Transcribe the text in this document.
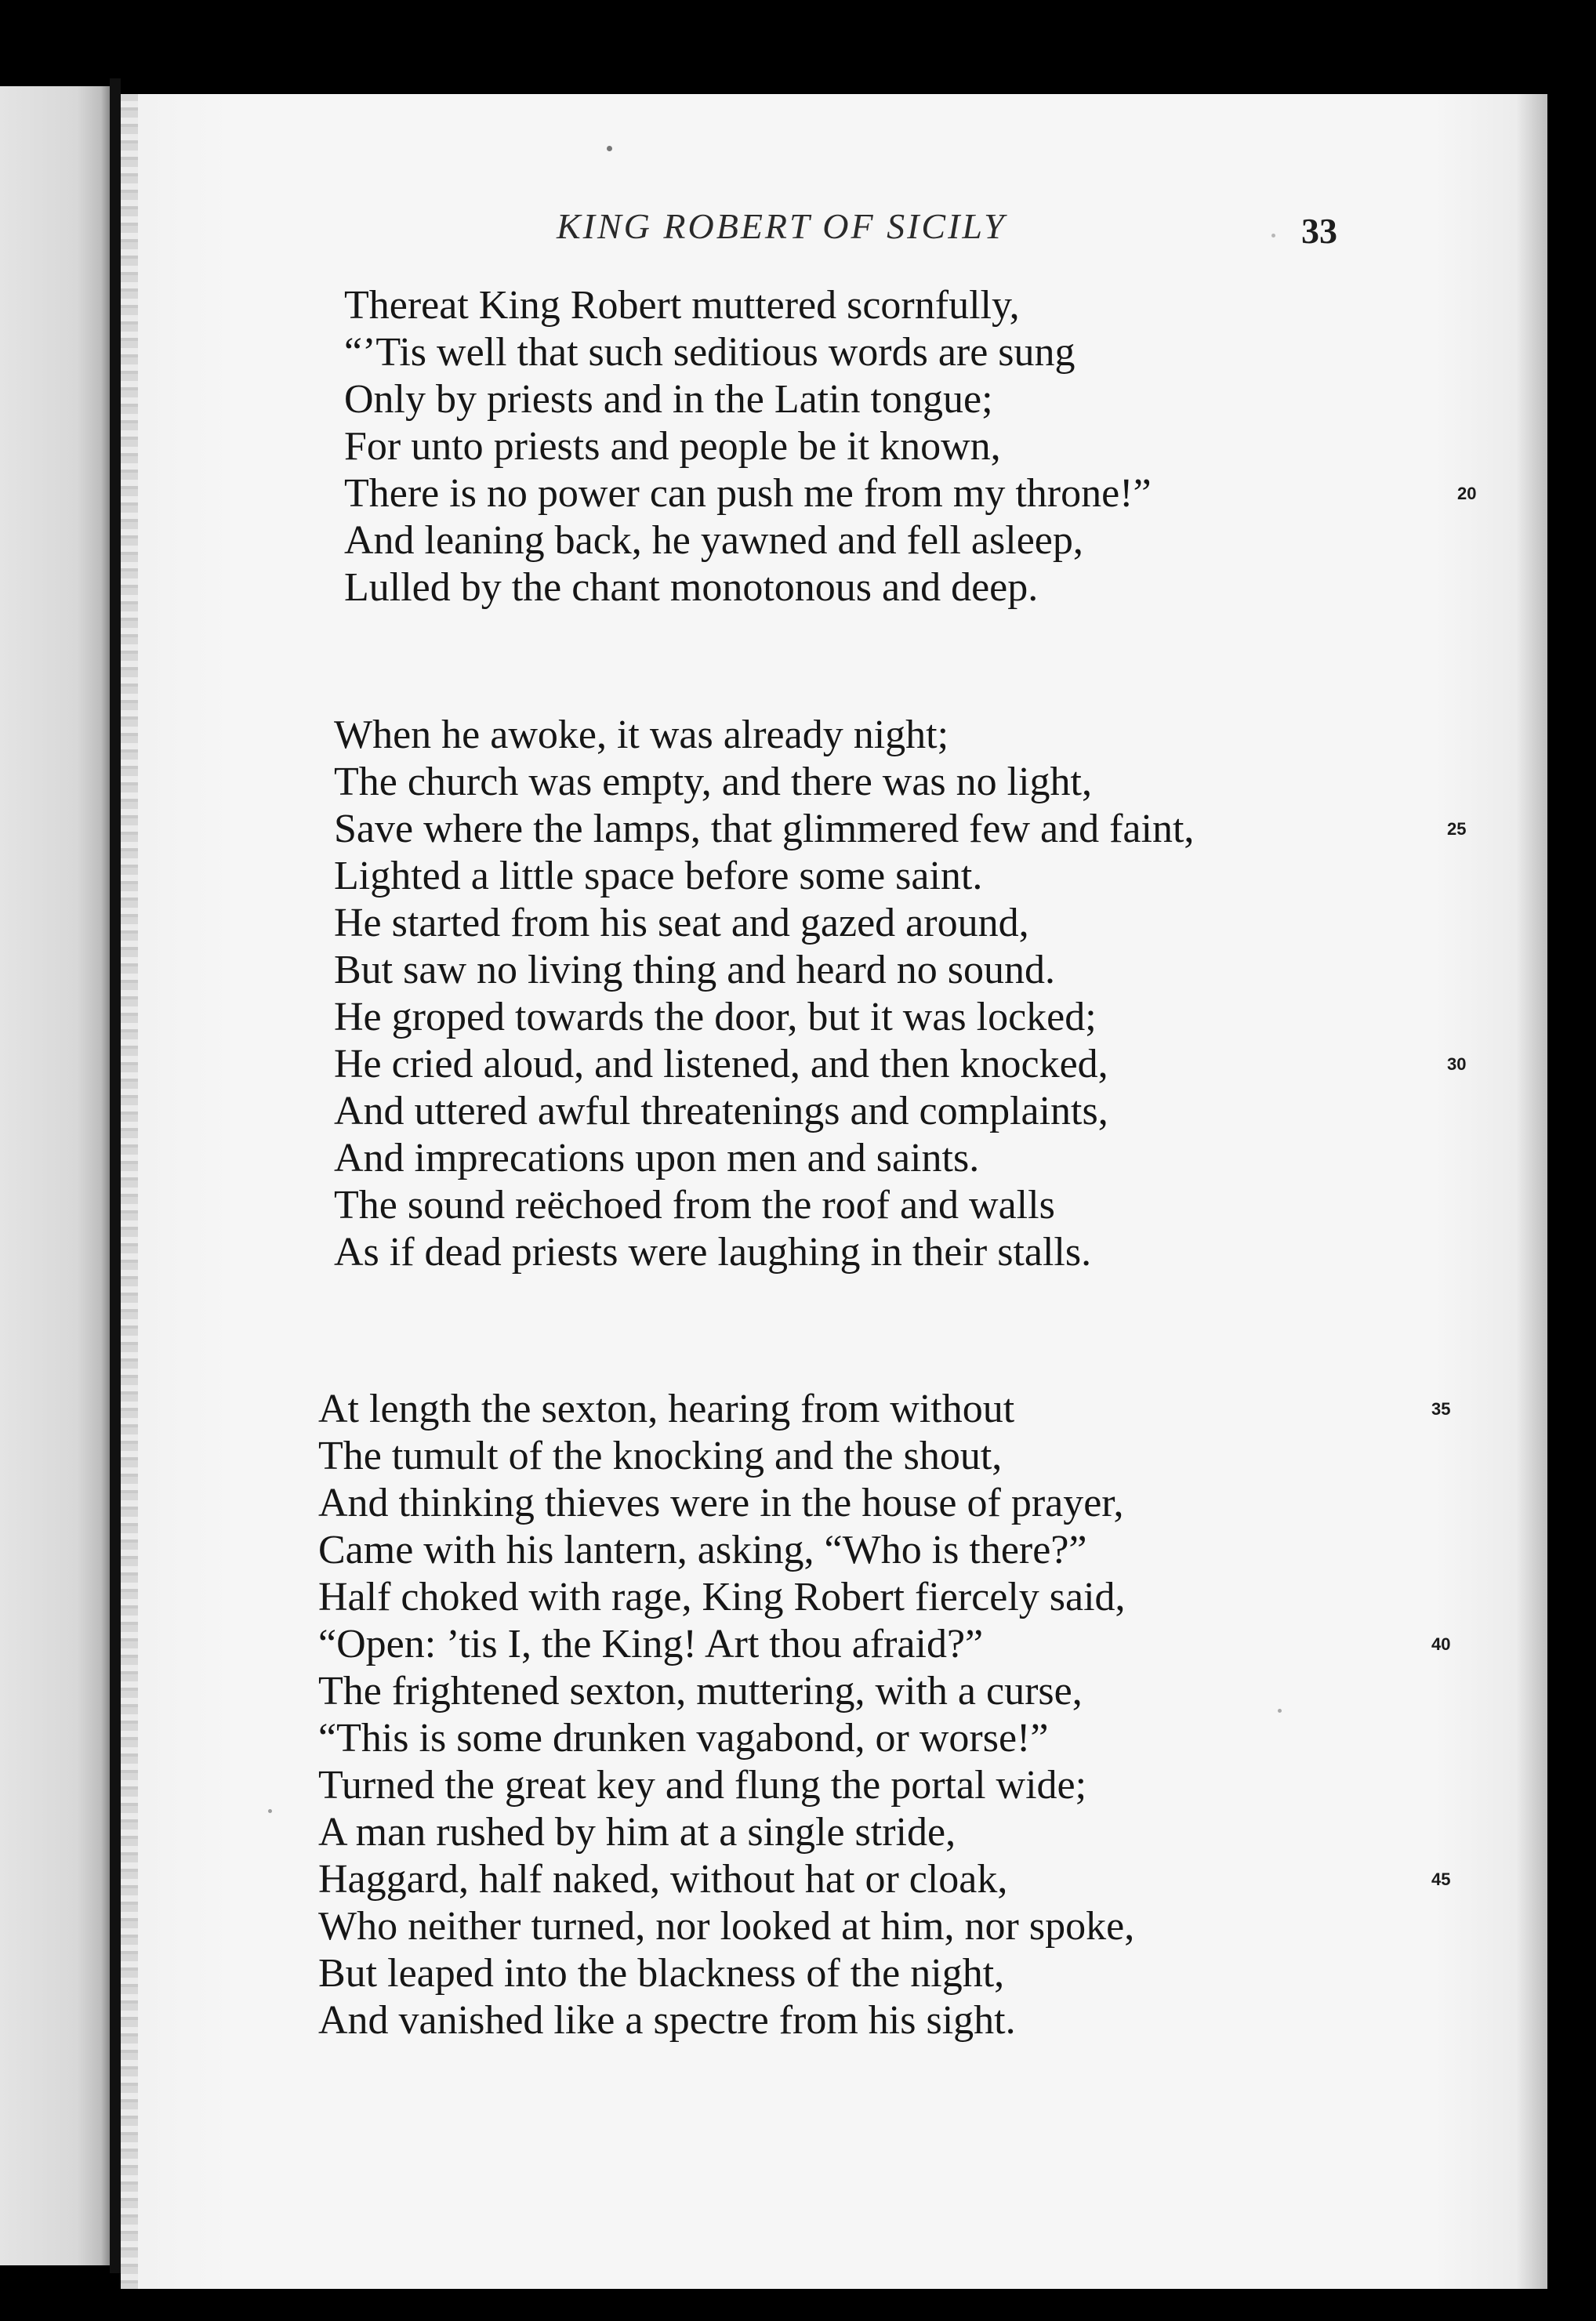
KING ROBERT OF SICILY	33
Thereat King Robert muttered scornfully,
“’Tis well that such seditious words are sung
Only by priests and in the Latin tongue;
For unto priests and people be it known,
There is no power can push me from my throne!”	20
And leaning back, he yawned and fell asleep,
Lulled by the chant monotonous and deep.
When he awoke, it was already night;
The church was empty, and there was no light,
Save where the lamps, that glimmered few and faint,	25
Lighted a little space before some saint.
He started from his seat and gazed around,
But saw no living thing and heard no sound.
He groped towards the door, but it was locked;
He cried aloud, and listened, and then knocked,	30
And uttered awful threatenings and complaints,
And imprecations upon men and saints.
The sound reëchoed from the roof and walls
As if dead priests were laughing in their stalls.
At length the sexton, hearing from without	35
The tumult of the knocking and the shout,
And thinking thieves were in the house of prayer,
Came with his lantern, asking, “Who is there?”
Half choked with rage, King Robert fiercely said,
“Open: ’tis I, the King! Art thou afraid?”	40
The frightened sexton, muttering, with a curse,
“This is some drunken vagabond, or worse!”
Turned the great key and flung the portal wide;
A man rushed by him at a single stride,
Haggard, half naked, without hat or cloak,	45
Who neither turned, nor looked at him, nor spoke,
But leaped into the blackness of the night,
And vanished like a spectre from his sight.
